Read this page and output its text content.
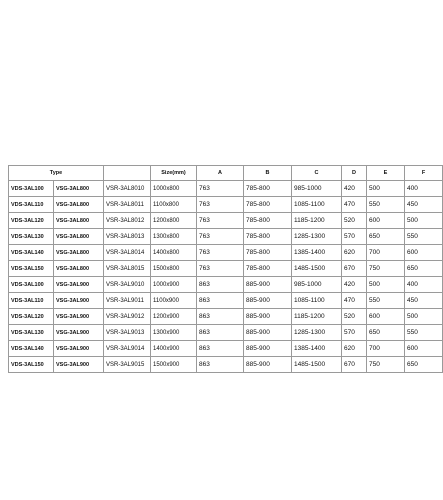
Type			Size(mm)	A	B	C	D	E	F
VDS-3AL100	VSG-3AL800	VSR-3AL8010	1000x800	763	785-800	985-1000	420	500	400
VDS-3AL110	VSG-3AL800	VSR-3AL8011	1100x800	763	785-800	1085-1100	470	550	450
VDS-3AL120	VSG-3AL800	VSR-3AL8012	1200x800	763	785-800	1185-1200	520	600	500
VDS-3AL130	VSG-3AL800	VSR-3AL8013	1300x800	763	785-800	1285-1300	570	650	550
VDS-3AL140	VSG-3AL800	VSR-3AL8014	1400x800	763	785-800	1385-1400	620	700	600
VDS-3AL150	VSG-3AL800	VSR-3AL8015	1500x800	763	785-800	1485-1500	670	750	650
VDS-3AL100	VSG-3AL900	VSR-3AL9010	1000x900	863	885-900	985-1000	420	500	400
VDS-3AL110	VSG-3AL900	VSR-3AL9011	1100x900	863	885-900	1085-1100	470	550	450
VDS-3AL120	VSG-3AL900	VSR-3AL9012	1200x900	863	885-900	1185-1200	520	600	500
VDS-3AL130	VSG-3AL900	VSR-3AL9013	1300x900	863	885-900	1285-1300	570	650	550
VDS-3AL140	VSG-3AL900	VSR-3AL9014	1400x900	863	885-900	1385-1400	620	700	600
VDS-3AL150	VSG-3AL900	VSR-3AL9015	1500x900	863	885-900	1485-1500	670	750	650
